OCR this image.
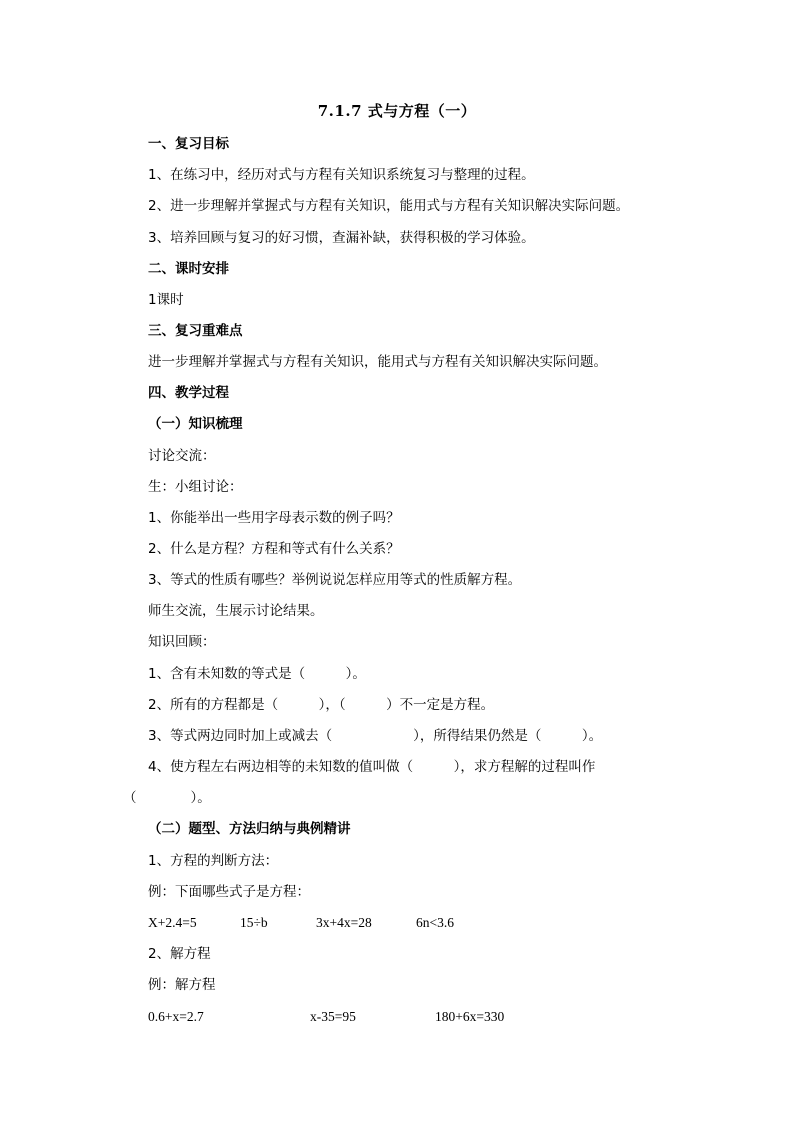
7.1.7 式与方程（一）
一、复习目标
1、在练习中，经历对式与方程有关知识系统复习与整理的过程。
2、进一步理解并掌握式与方程有关知识，能用式与方程有关知识解决实际问题。
3、培养回顾与复习的好习惯，查漏补缺，获得积极的学习体验。
二、课时安排
1课时
三、复习重难点
进一步理解并掌握式与方程有关知识，能用式与方程有关知识解决实际问题。
四、教学过程
（一）知识梳理
讨论交流：
生：小组讨论：
1、你能举出一些用字母表示数的例子吗？
2、什么是方程？方程和等式有什么关系？
3、等式的性质有哪些？举例说说怎样应用等式的性质解方程。
师生交流，生展示讨论结果。
知识回顾：
1、含有未知数的等式是（　　　）。
2、所有的方程都是（　　　），（　　　）不一定是方程。
3、等式两边同时加上或减去（　　　　　　），所得结果仍然是（　　　）。
4、使方程左右两边相等的未知数的值叫做（　　　），求方程解的过程叫作
（　　　　）。
（二）题型、方法归纳与典例精讲
1、方程的判断方法：
例：下面哪些式子是方程：
X+2.4=5	15÷b	3x+4x=28	6n<3.6
2、解方程
例：解方程
0.6+x=2.7	x-35=95	180+6x=330
